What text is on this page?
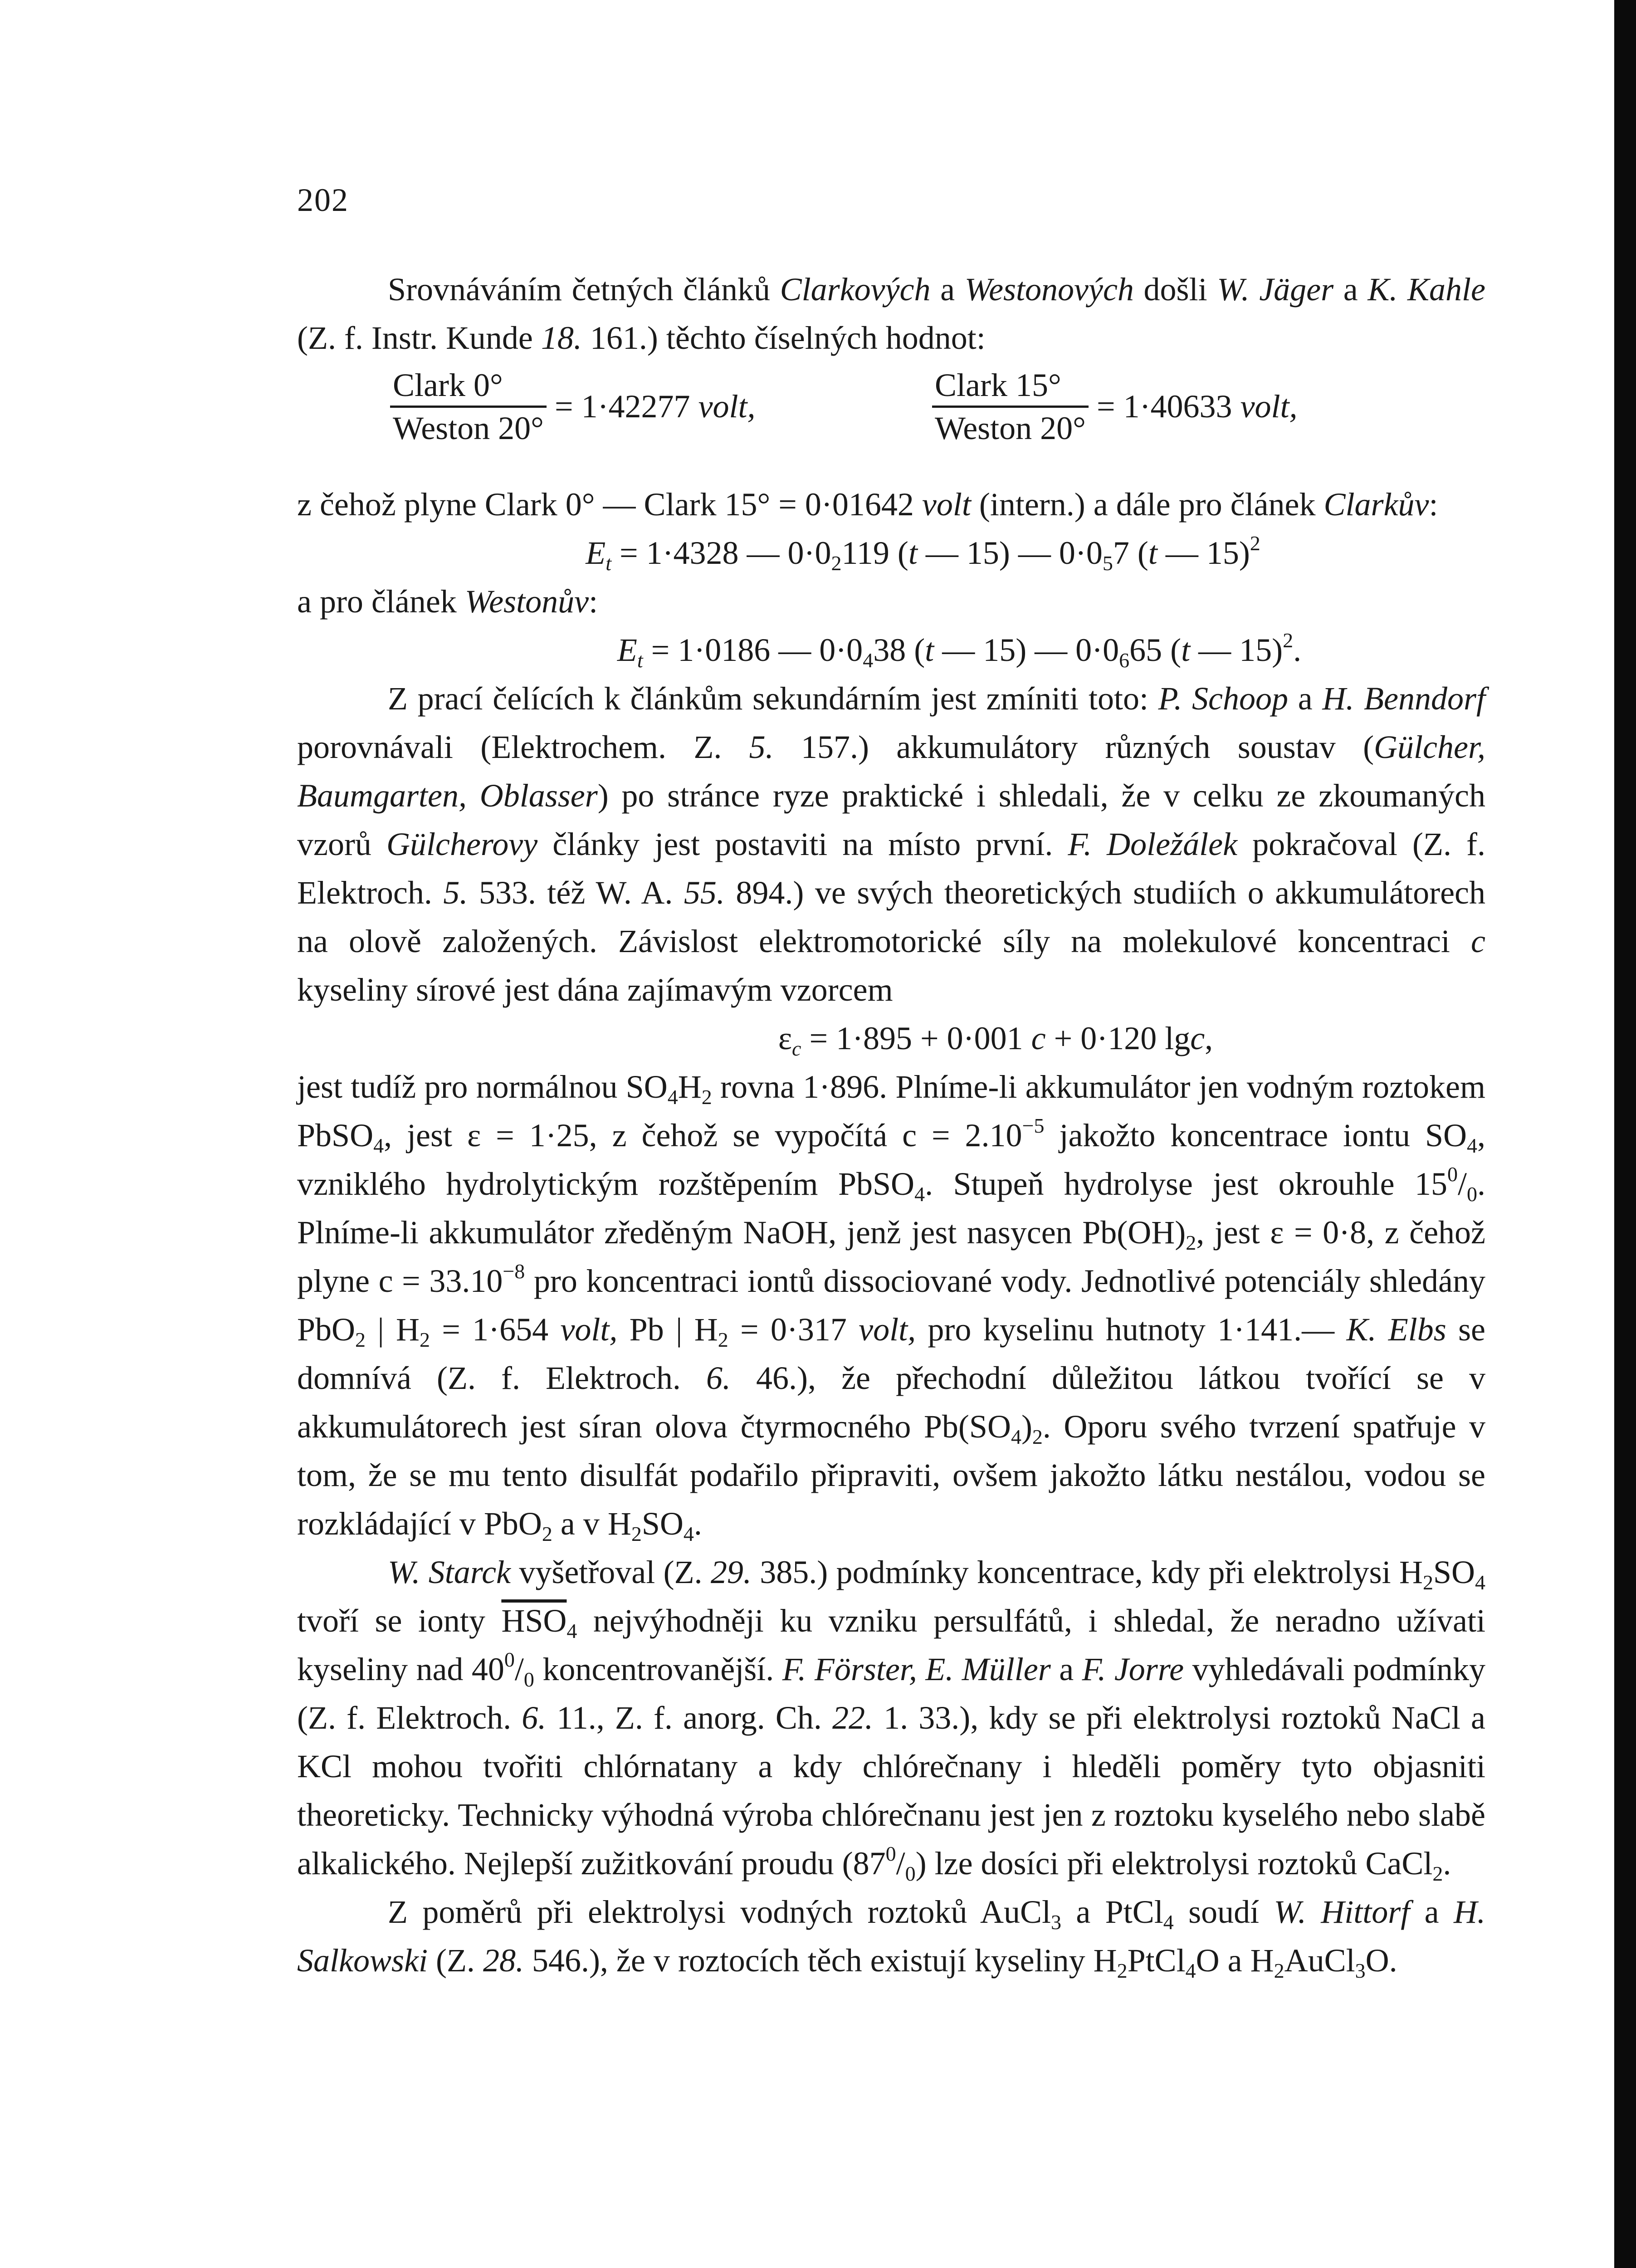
202

Srovnáváním četných článků Clarkových a Westonových došli W. Jäger a K. Kahle (Z. f. Instr. Kunde 18. 161.) těchto číselných hodnot:

$\frac{\text{Clark 0°}}{\text{Weston 20°}} = 1\cdot 42277$ volt,	$\frac{\text{Clark 15°}}{\text{Weston 20°}} = 1\cdot 40633$ volt,

z čehož plyne Clark 0° — Clark 15° = 0·01642 volt (intern.) a dále pro článek Clarkův:

$E_t = 1\cdot 4328$ — $0\cdot 0_2119$ (t — 15) — $0\cdot 0_57$ (t — 15)$^2$

a pro článek Westonův:

$E_t = 1\cdot 0186$ — $0\cdot 0_438$ (t — 15) — $0\cdot 0_665$ (t — 15)$^2$.

Z prací čelících k článkům sekundárním jest zmíniti toto: P. Schoop a H. Benndorf porovnávali (Elektrochem. Z. 5. 157.) akkumulátory různých soustav (Gülcher, Baumgarten, Oblasser) po stránce ryze praktické i shledali, že v celku ze zkoumaných vzorů Gülcherovy články jest postaviti na místo první. F. Doležálek pokračoval (Z. f. Elektroch. 5. 533. též W. A. 55. 894.) ve svých theoretických studiích o akkumulátorech na olově založených. Závislost elektromotorické síly na molekulové koncentraci c kyseliny sírové jest dána zajímavým vzorcem

$\varepsilon_c = 1\cdot 895 + 0\cdot 001$ c + 0·120 lgc,

jest tudíž pro normálnou $SO_4H_2$ rovna 1·896. Plníme-li akkumulátor jen vodným roztokem PbSO$_4$, jest ε = 1·25, z čehož se vypočítá $c = 2.10^{-5}$ jakožto koncentrace iontu $SO_4$, vzniklého hydrolytickým rozštěpením PbSO$_4$. Stupeň hydrolyse jest okrouhle $15^0/_0$. Plníme-li akkumulátor zředěným NaOH, jenž jest nasycen $Pb(OH)_2$, jest ε = 0·8, z čehož plyne $c = 33.10^{-8}$ pro koncentraci iontů dissociované vody. Jednotlivé potenciály shledány PbO$_2$ | $H_2 = 1\cdot 654$ volt, Pb | $H_2 = 0\cdot 317$ volt, pro kyselinu hutnoty 1·141.— K. Elbs se domnívá (Z. f. Elektroch. 6. 46.), že přechodní důležitou látkou tvořící se v akkumulátorech jest síran olova čtyrmocného $Pb(SO_4)_2$. Oporu svého tvrzení spatřuje v tom, že se mu tento disulfát podařilo připraviti, ovšem jakožto látku nestálou, vodou se rozkládající v PbO$_2$ a v $H_2SO_4$.

W. Starck vyšetřoval (Z. 29. 385.) podmínky koncentrace, kdy při elektrolysi $H_2SO_4$ tvoří se ionty $\overline{HSO}_4$ nejvýhodněji ku vzniku persulfátů, i shledal, že neradno užívati kyseliny nad $40^0/_0$ koncentrovanější. F. Förster, E. Müller a F. Jorre vyhledávali podmínky (Z. f. Elektroch. 6. 11., Z. f. anorg. Ch. 22. 1. 33.), kdy se při elektrolysi roztoků NaCl a KCl mohou tvořiti chlórnatany a kdy chlórečnany i hleděli poměry tyto objasniti theoreticky. Technicky výhodná výroba chlórečnanu jest jen z roztoku kyselého nebo slabě alkalického. Nejlepší zužitkování proudu $(87^0/_0)$ lze dosíci při elektrolysi roztoků CaCl$_2$.

Z poměrů při elektrolysi vodných roztoků AuCl$_3$ a PtCl$_4$ soudí W. Hittorf a H. Salkowski (Z. 28. 546.), že v roztocích těch existují kyseliny $H_2PtCl_4O$ a $H_2AuCl_3O$.
